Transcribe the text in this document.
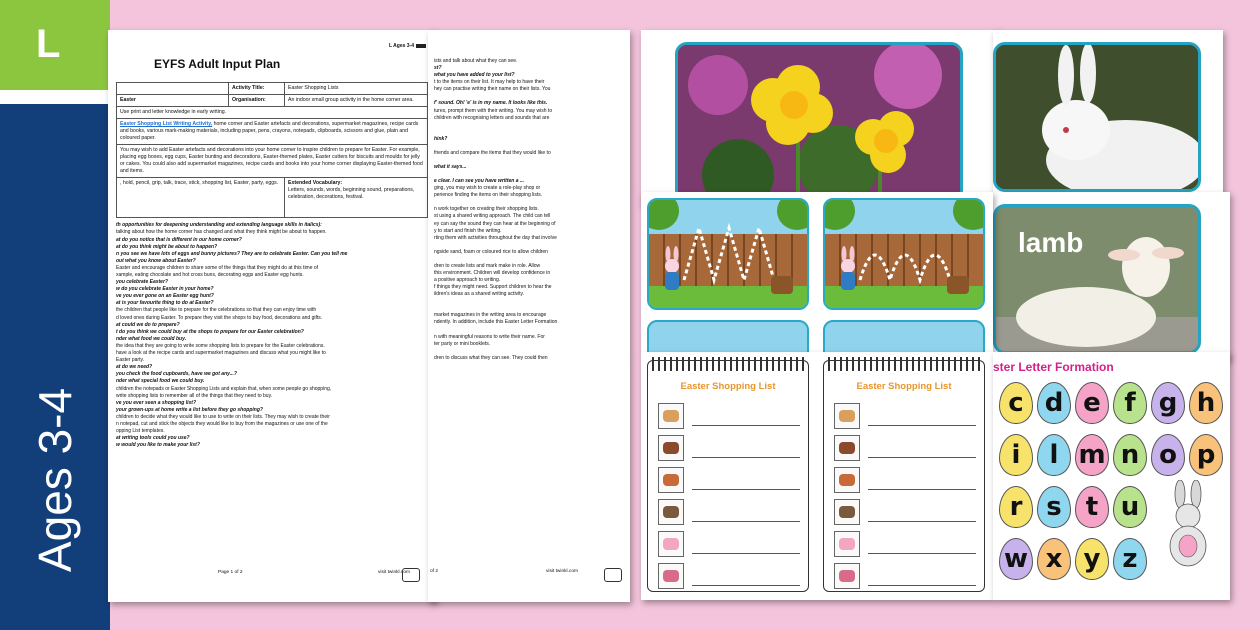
L
Ages 3-4
L Ages 3-4
EYFS Adult Input Plan
	Activity Title:	Easter Shopping Lists
Easter	Organisation:	An indoor small group activity in the home corner area.
Use print and letter knowledge in early writing.		
Easter Shopping List Writing Activity, home corner and Easter artefacts and decorations, supermarket magazines, recipe cards and books, various mark-making materials, including paper, pens, crayons, notepads, clipboards, scissors and glue, plain and coloured paper.		
You may wish to add Easter artefacts and decorations into your home corner to inspire children to prepare for Easter. For example, placing egg boxes, egg cups, Easter bunting and decorations, Easter-themed plates, Easter cutters for biscuits and moulds for jelly or cakes. You could also add supermarket magazines, recipe cards and books into your home corner displaying Easter-themed food and items.		
, hold, pencil, grip, talk, trace, stick, shopping list, Easter, party, eggs.		Extended Vocabulary:
Letters, sounds, words, beginning sound, preparations, celebration, decorations, festival.

th opportunities for deepening understanding and extending language skills in italics):

talking about how the home corner has changed and what they think might be about to happen.

at do you notice that is different in our home corner?

at do you think might be about to happen?

n you see we have lots of eggs and bunny pictures? They are to celebrate Easter. Can you tell me

out what you know about Easter?

Easter and encourage children to share some of the things that they might do at this time of

xample, eating chocolate and hot cross buns, decorating eggs and Easter egg hunts.

you celebrate Easter?

w do you celebrate Easter in your home?

ve you ever gone on an Easter egg hunt?

at is your favourite thing to do at Easter?

the children that people like to prepare for the celebrations so that they can enjoy time with

d loved ones during Easter. To prepare they visit the shops to buy food, decorations and gifts.

at could we do to prepare?

t do you think we could buy at the shops to prepare for our Easter celebration?

nder what food we could buy.

the idea that they are going to write some shopping lists to prepare for the Easter celebrations.

have a look at the recipe cards and supermarket magazines and discuss what you might like to

Easter party.

at do we need?

you check the food cupboards, have we got any...?

nder what special food we could buy.

children the notepads or Easter Shopping Lists and explain that, when some people go shopping,

write shopping lists to remember all of the things that they need to buy.

ve you ever seen a shopping list?

your grown-ups at home write a list before they go shopping?

children to decide what they would like to use to write on their lists. They may wish to create their

n notepad, cut and stick the objects they would like to buy from the magazines or use one of the

opping List templates.

at writing tools could you use?

w would you like to make your list?

Page 1 of 2	visit twinkl.com

ists and talk about what they can see.

st?

what you have added to your list?

t to the items on their list. It may help to have their

hey can practise writing their name on their lists. You

f' sound. Oh! 'e' is in my name. It looks like this.

tures, prompt them with their writing. You may wish to

children with recognising letters and sounds that are

hink?

friends and compare the items that they would like to

what it says...

e clear. I can see you have written a ...

ging, you may wish to create a role-play shop or

perience finding the items on their shopping lists.

n work together on creating their shopping lists.

st using a shared writing approach. The child can tell

ey can say the sound they can hear at the beginning of

y to start and finish the writing.

rting them with activities throughout the day that involve

ngside sand, foam or coloured rice to allow children

dren to create lists and mark make in role. Allow

this environment. Children will develop confidence in

a positive approach to writing.

f things they might need. Support children to hear the

ildren's ideas as a shared writing activity.

market magazines in the writing area to encourage

ndently. In addition, include this Easter Letter Formation

n with meaningful reasons to write their name. For

ter party or mini booklets.

dren to discuss what they can see. They could then

of 2	visit twinkl.com
lamb
Easter Shopping List	Easter Shopping List
ster Letter Formation
c d e f g h
i	l m n o p
r s t u
w x y z
